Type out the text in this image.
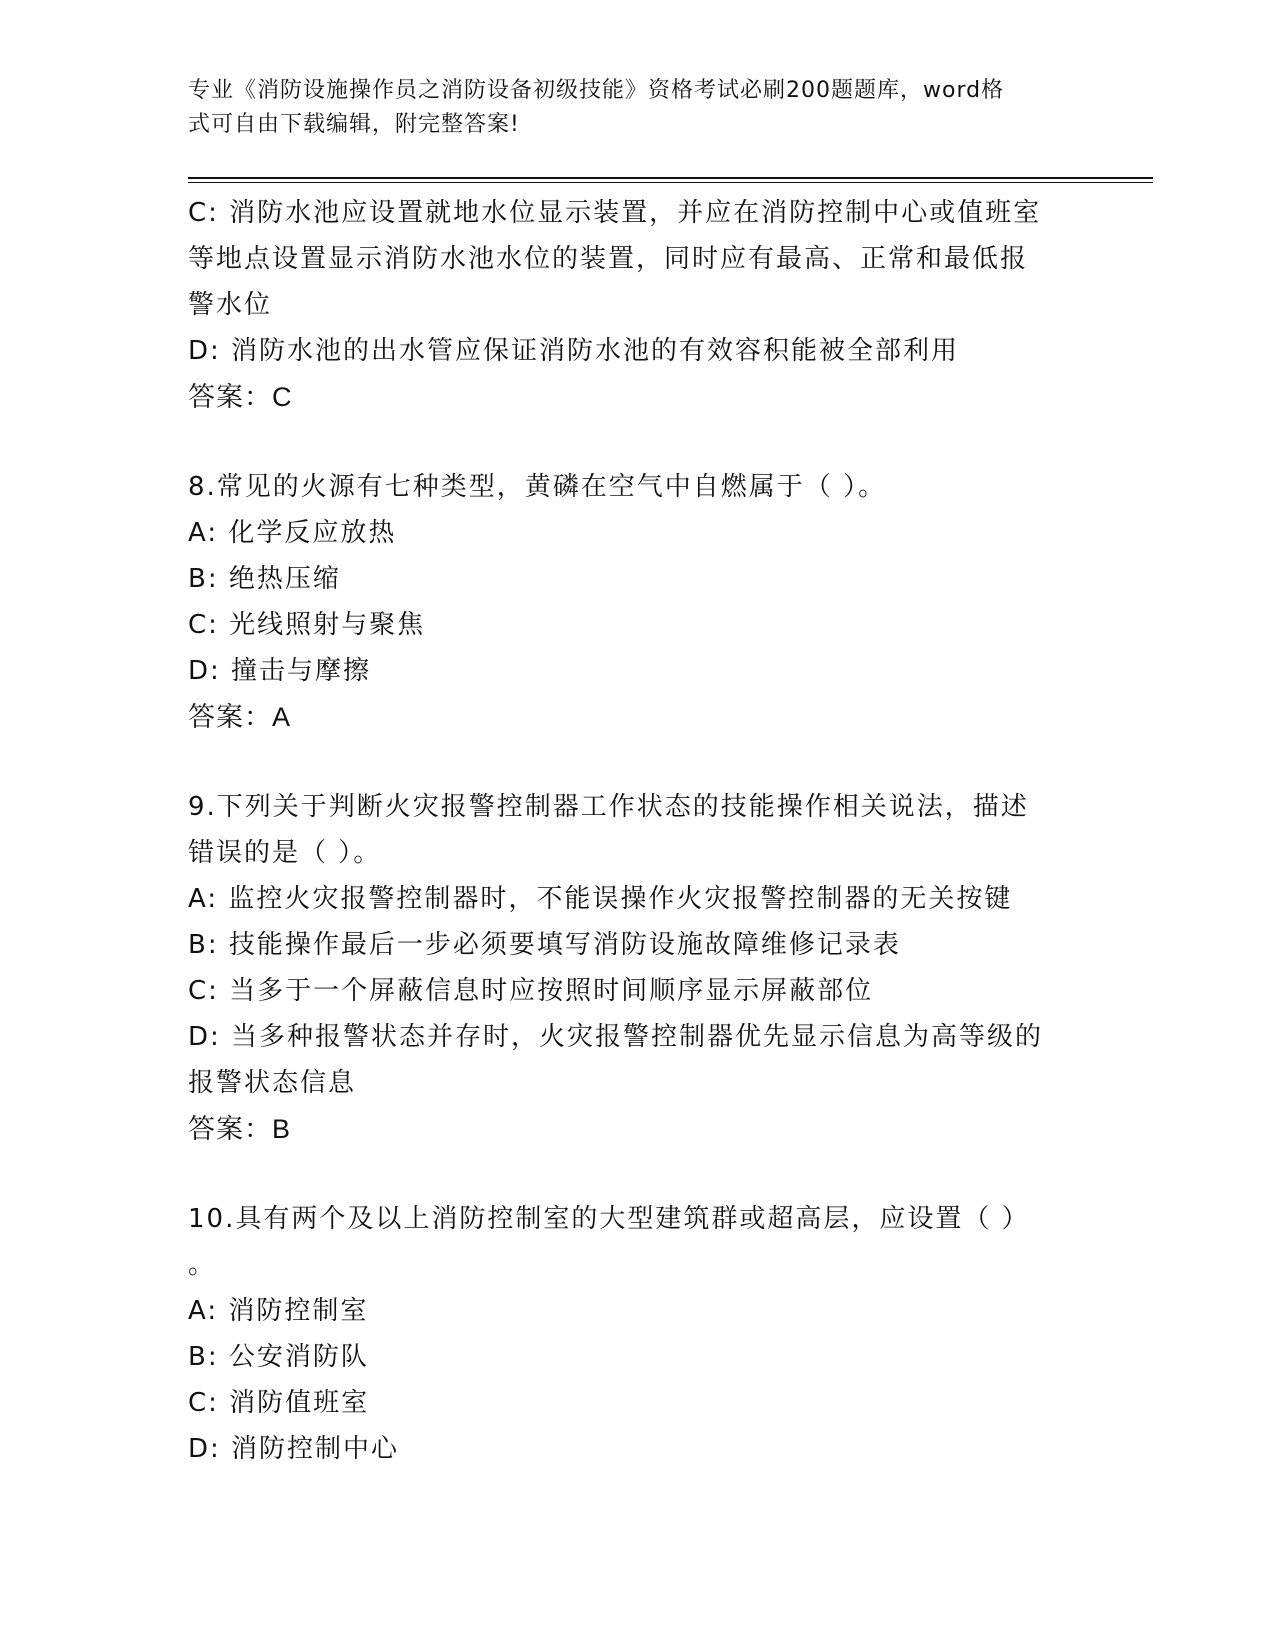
专业《消防设施操作员之消防设备初级技能》资格考试必刷200题题库，word格
式可自由下载编辑，附完整答案!

C: 消防水池应设置就地水位显示装置，并应在消防控制中心或值班室

等地点设置显示消防水池水位的装置，同时应有最高、正常和最低报

警水位

D: 消防水池的出水管应保证消防水池的有效容积能被全部利用

答案：C

8.常见的火源有七种类型，黄磷在空气中自燃属于（ ）。

A: 化学反应放热

B: 绝热压缩

C: 光线照射与聚焦

D: 撞击与摩擦

答案：A

9.下列关于判断火灾报警控制器工作状态的技能操作相关说法，描述

错误的是（ ）。

A: 监控火灾报警控制器时，不能误操作火灾报警控制器的无关按键

B: 技能操作最后一步必须要填写消防设施故障维修记录表

C: 当多于一个屏蔽信息时应按照时间顺序显示屏蔽部位

D: 当多种报警状态并存时，火灾报警控制器优先显示信息为高等级的

报警状态信息

答案：B

10.具有两个及以上消防控制室的大型建筑群或超高层，应设置（ ）

。

A: 消防控制室

B: 公安消防队

C: 消防值班室

D: 消防控制中心
